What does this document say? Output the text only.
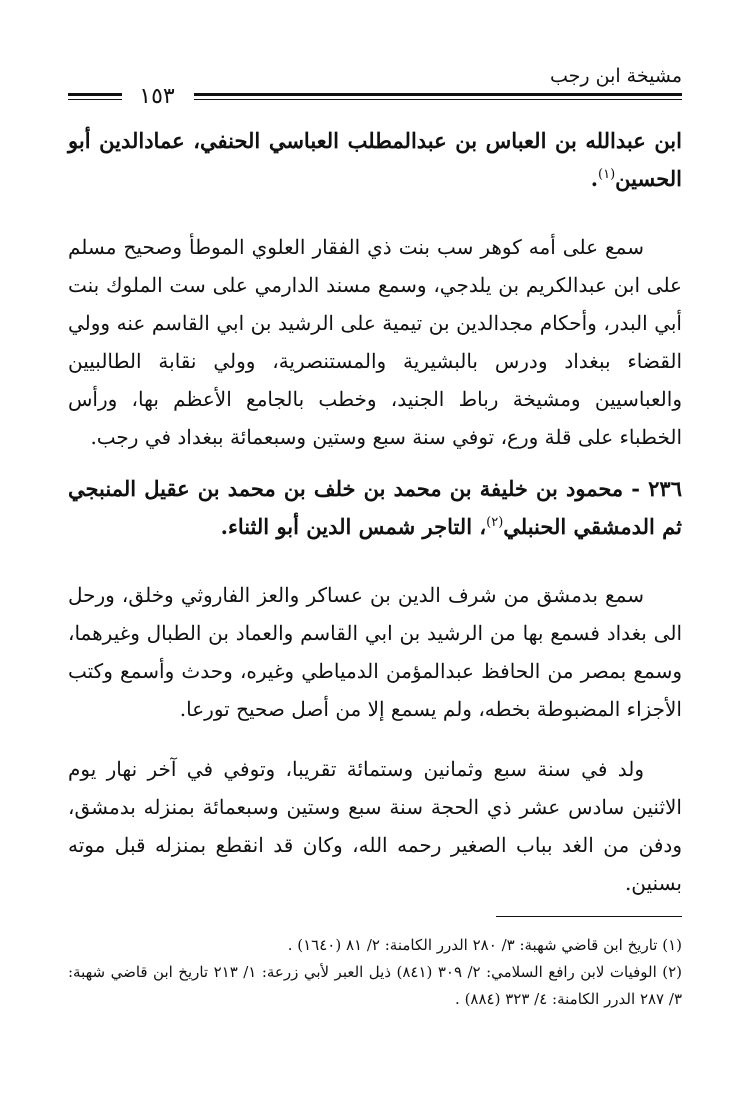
مشيخة ابن رجب
١٥٣

ابن عبدالله بن العباس بن عبدالمطلب العباسي الحنفي، عمادالدين أبو الحسين$^{(١)}$.

سمع على أمه كوهر سب بنت ذي الفقار العلوي الموطأ وصحيح مسلم على ابن عبدالكريم بن يلدجي، وسمع مسند الدارمي على ست الملوك بنت أبي البدر، وأحكام مجدالدين بن تيمية على الرشيد بن ابي القاسم عنه وولي القضاء ببغداد ودرس بالبشيرية والمستنصرية، وولي نقابة الطالبيين والعباسيين ومشيخة رباط الجنيد، وخطب بالجامع الأعظم بها، ورأس الخطباء على قلة ورع، توفي سنة سبع وستين وسبعمائة ببغداد في رجب.

٢٣٦ - محمود بن خليفة بن محمد بن خلف بن محمد بن عقيل المنبجي ثم الدمشقي الحنبلي$^{(٢)}$، التاجر شمس الدين أبو الثناء.

سمع بدمشق من شرف الدين بن عساكر والعز الفاروثي وخلق، ورحل الى بغداد فسمع بها من الرشيد بن ابي القاسم والعماد بن الطبال وغيرهما، وسمع بمصر من الحافظ عبدالمؤمن الدمياطي وغيره، وحدث وأسمع وكتب الأجزاء المضبوطة بخطه، ولم يسمع إلا من أصل صحيح تورعا.

ولد في سنة سبع وثمانين وستمائة تقريبا، وتوفي في آخر نهار يوم الاثنين سادس عشر ذي الحجة سنة سبع وستين وسبعمائة بمنزله بدمشق، ودفن من الغد بباب الصغير رحمه الله، وكان قد انقطع بمنزله قبل موته بسنين.

(١) تاريخ ابن قاضي شهبة: ٣/ ٢٨٠ الدرر الكامنة: ٢/ ٨١ (١٦٤٠) .

(٢) الوفيات لابن رافع السلامي: ٢/ ٣٠٩ (٨٤١) ذيل العبر لأبي زرعة: ١/ ٢١٣ تاريخ ابن قاضي شهبة: ٣/ ٢٨٧ الدرر الكامنة: ٤/ ٣٢٣ (٨٨٤) .
